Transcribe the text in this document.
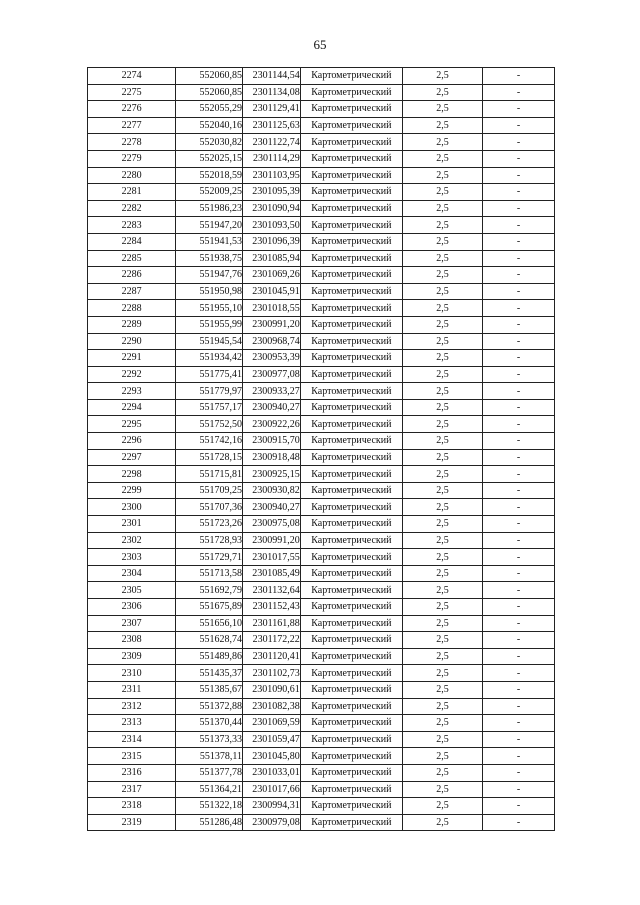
65
2274	552060,85	2301144,54	Картометрический	2,5	-
2275	552060,85	2301134,08	Картометрический	2,5	-
2276	552055,29	2301129,41	Картометрический	2,5	-
2277	552040,16	2301125,63	Картометрический	2,5	-
2278	552030,82	2301122,74	Картометрический	2,5	-
2279	552025,15	2301114,29	Картометрический	2,5	-
2280	552018,59	2301103,95	Картометрический	2,5	-
2281	552009,25	2301095,39	Картометрический	2,5	-
2282	551986,23	2301090,94	Картометрический	2,5	-
2283	551947,20	2301093,50	Картометрический	2,5	-
2284	551941,53	2301096,39	Картометрический	2,5	-
2285	551938,75	2301085,94	Картометрический	2,5	-
2286	551947,76	2301069,26	Картометрический	2,5	-
2287	551950,98	2301045,91	Картометрический	2,5	-
2288	551955,10	2301018,55	Картометрический	2,5	-
2289	551955,99	2300991,20	Картометрический	2,5	-
2290	551945,54	2300968,74	Картометрический	2,5	-
2291	551934,42	2300953,39	Картометрический	2,5	-
2292	551775,41	2300977,08	Картометрический	2,5	-
2293	551779,97	2300933,27	Картометрический	2,5	-
2294	551757,17	2300940,27	Картометрический	2,5	-
2295	551752,50	2300922,26	Картометрический	2,5	-
2296	551742,16	2300915,70	Картометрический	2,5	-
2297	551728,15	2300918,48	Картометрический	2,5	-
2298	551715,81	2300925,15	Картометрический	2,5	-
2299	551709,25	2300930,82	Картометрический	2,5	-
2300	551707,36	2300940,27	Картометрический	2,5	-
2301	551723,26	2300975,08	Картометрический	2,5	-
2302	551728,93	2300991,20	Картометрический	2,5	-
2303	551729,71	2301017,55	Картометрический	2,5	-
2304	551713,58	2301085,49	Картометрический	2,5	-
2305	551692,79	2301132,64	Картометрический	2,5	-
2306	551675,89	2301152,43	Картометрический	2,5	-
2307	551656,10	2301161,88	Картометрический	2,5	-
2308	551628,74	2301172,22	Картометрический	2,5	-
2309	551489,86	2301120,41	Картометрический	2,5	-
2310	551435,37	2301102,73	Картометрический	2,5	-
2311	551385,67	2301090,61	Картометрический	2,5	-
2312	551372,88	2301082,38	Картометрический	2,5	-
2313	551370,44	2301069,59	Картометрический	2,5	-
2314	551373,33	2301059,47	Картометрический	2,5	-
2315	551378,11	2301045,80	Картометрический	2,5	-
2316	551377,78	2301033,01	Картометрический	2,5	-
2317	551364,21	2301017,66	Картометрический	2,5	-
2318	551322,18	2300994,31	Картометрический	2,5	-
2319	551286,48	2300979,08	Картометрический	2,5	-
